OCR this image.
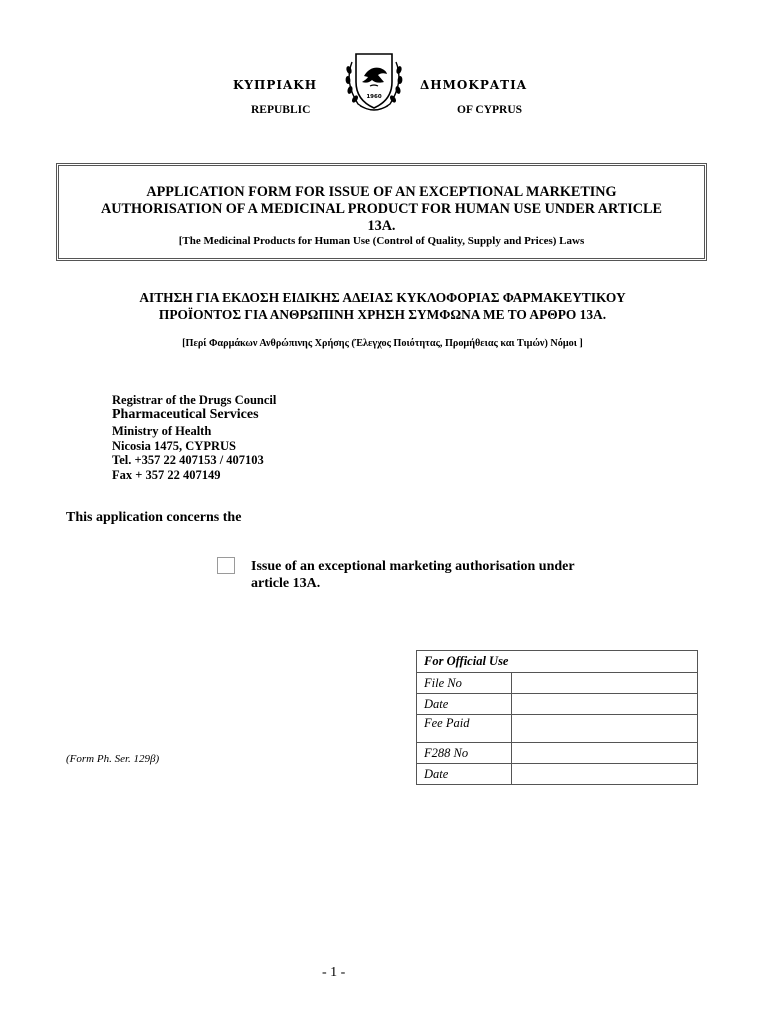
ΚΥΠΡΙΑΚΗ	ΔΗΜΟΚΡΑΤΙΑ
REPUBLIC	OF CYPRUS
1960
APPLICATION FORM FOR ISSUE OF AN EXCEPTIONAL MARKETING
AUTHORISATION OF A MEDICINAL PRODUCT FOR HUMAN USE UNDER ARTICLE
13A.
[The Medicinal Products for Human Use (Control of Quality, Supply and Prices) Laws
ΑΙΤΗΣΗ ΓΙΑ ΕΚΔΟΣΗ ΕΙΔΙΚΗΣ ΑΔΕΙΑΣ ΚΥΚΛΟΦΟΡΙΑΣ ΦΑΡΜΑΚΕΥΤΙΚΟΥ
ΠΡΟΪΟΝΤΟΣ ΓΙΑ ΑΝΘΡΩΠΙΝΗ ΧΡΗΣΗ ΣΥΜΦΩΝΑ ΜΕ ΤΟ ΑΡΘΡΟ 13Α.
[Περί Φαρμάκων Ανθρώπινης Χρήσης (Έλεγχος Ποιότητας, Προμήθειας και Τιμών) Νόμοι ]
Registrar of the Drugs Council
Pharmaceutical Services
Ministry of Health
Nicosia 1475, CYPRUS
Tel. +357 22 407153 / 407103
Fax + 357 22 407149
This application concerns the
Issue of an exceptional marketing authorisation under
article 13A.
For Official Use	
File No	
Date	
Fee Paid	
F288 No	
Date	
(Form Ph. Ser. 129β)
- 1 -
